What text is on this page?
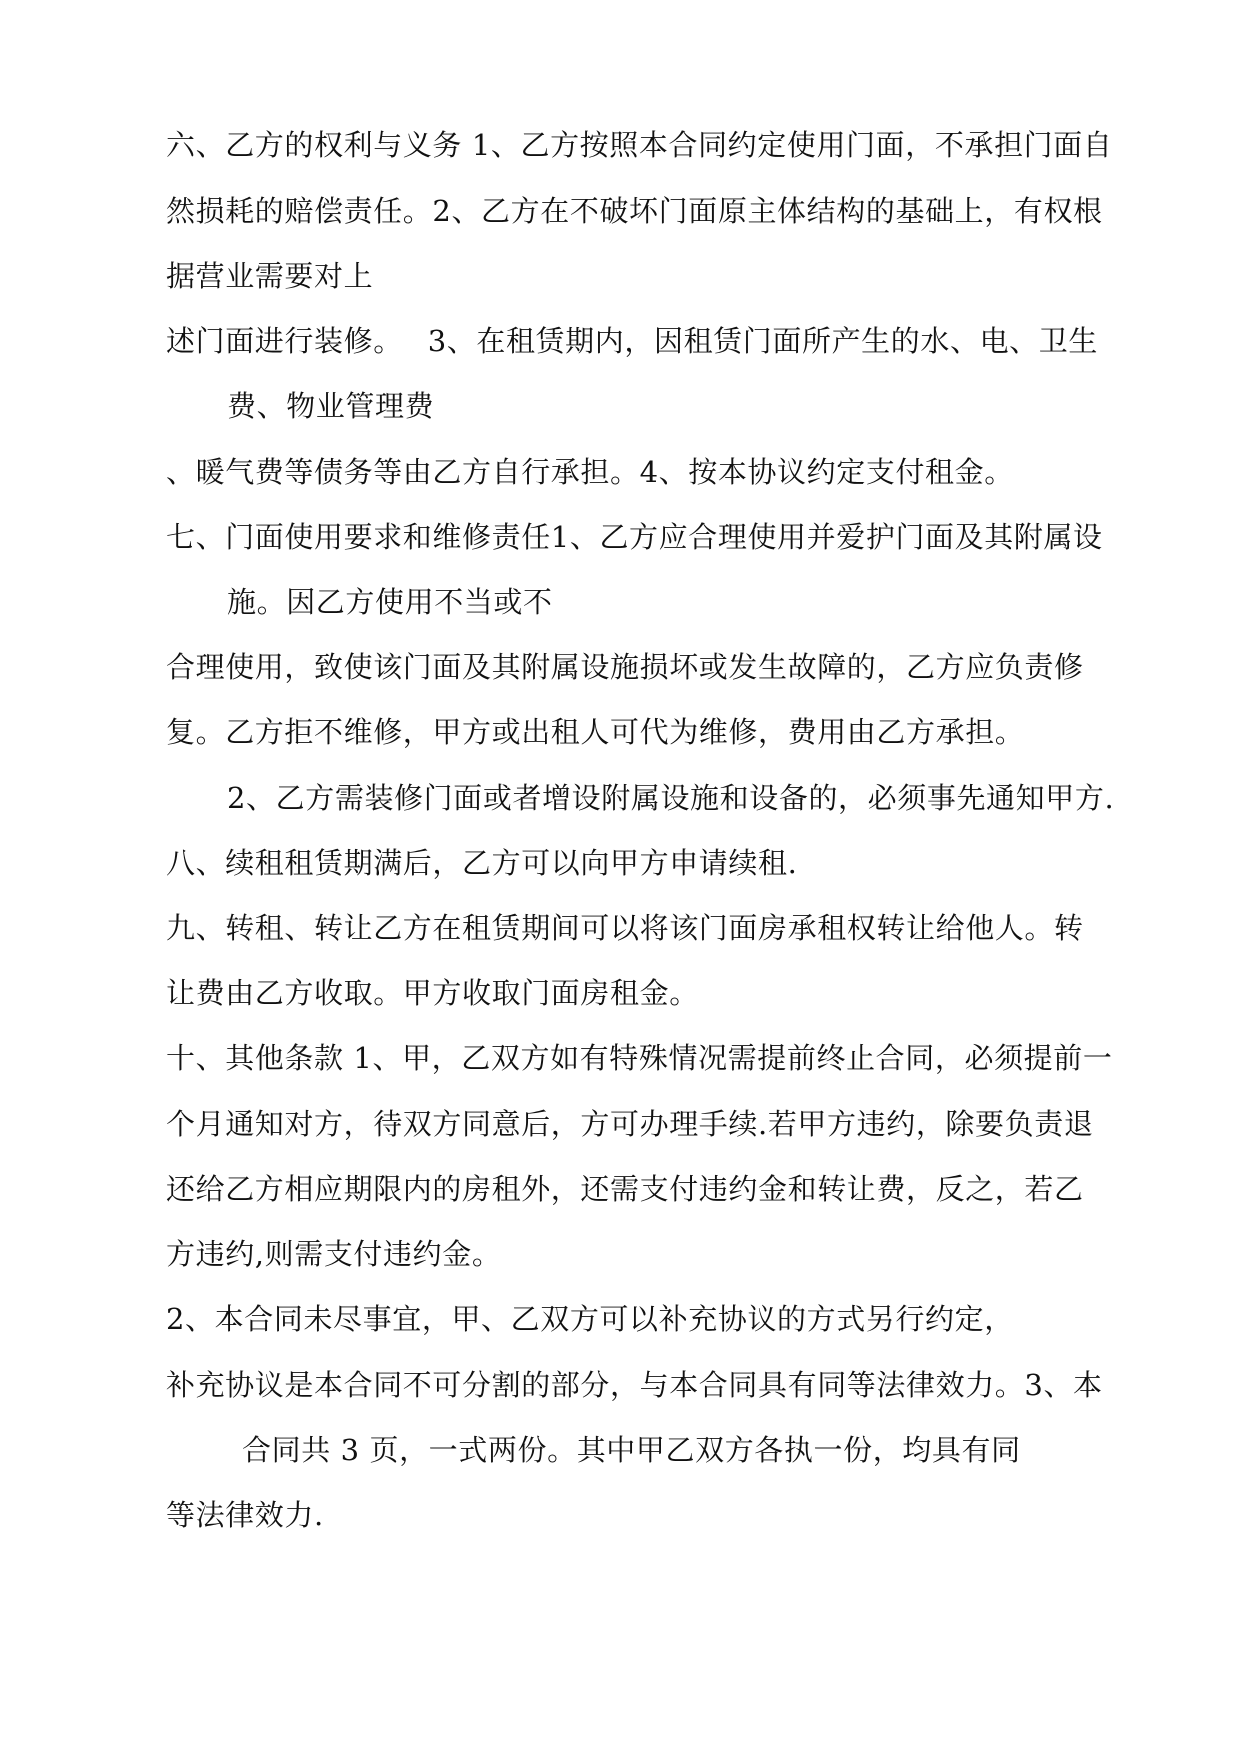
六、乙方的权利与义务 1、乙方按照本合同约定使用门面，不承担门面自
然损耗的赔偿责任。2、乙方在不破坏门面原主体结构的基础上，有权根
据营业需要对上
述门面进行装修。　 3、在租赁期内，因租赁门面所产生的水、电、卫生
费、物业管理费
、暖气费等债务等由乙方自行承担。4、按本协议约定支付租金。
七、门面使用要求和维修责任1、乙方应合理使用并爱护门面及其附属设
施。因乙方使用不当或不
合理使用，致使该门面及其附属设施损坏或发生故障的，乙方应负责修
复。乙方拒不维修，甲方或出租人可代为维修，费用由乙方承担。
2、乙方需装修门面或者增设附属设施和设备的，必须事先通知甲方.
八、续租租赁期满后，乙方可以向甲方申请续租.
九、转租、转让乙方在租赁期间可以将该门面房承租权转让给他人。转
让费由乙方收取。甲方收取门面房租金。
十、其他条款 1、甲，乙双方如有特殊情况需提前终止合同，必须提前一
个月通知对方，待双方同意后，方可办理手续.若甲方违约，除要负责退
还给乙方相应期限内的房租外，还需支付违约金和转让费，反之，若乙
方违约,则需支付违约金。
2、本合同未尽事宜，甲、乙双方可以补充协议的方式另行约定，
补充协议是本合同不可分割的部分，与本合同具有同等法律效力。3、本
合同共 3 页，一式两份。其中甲乙双方各执一份，均具有同
等法律效力.
